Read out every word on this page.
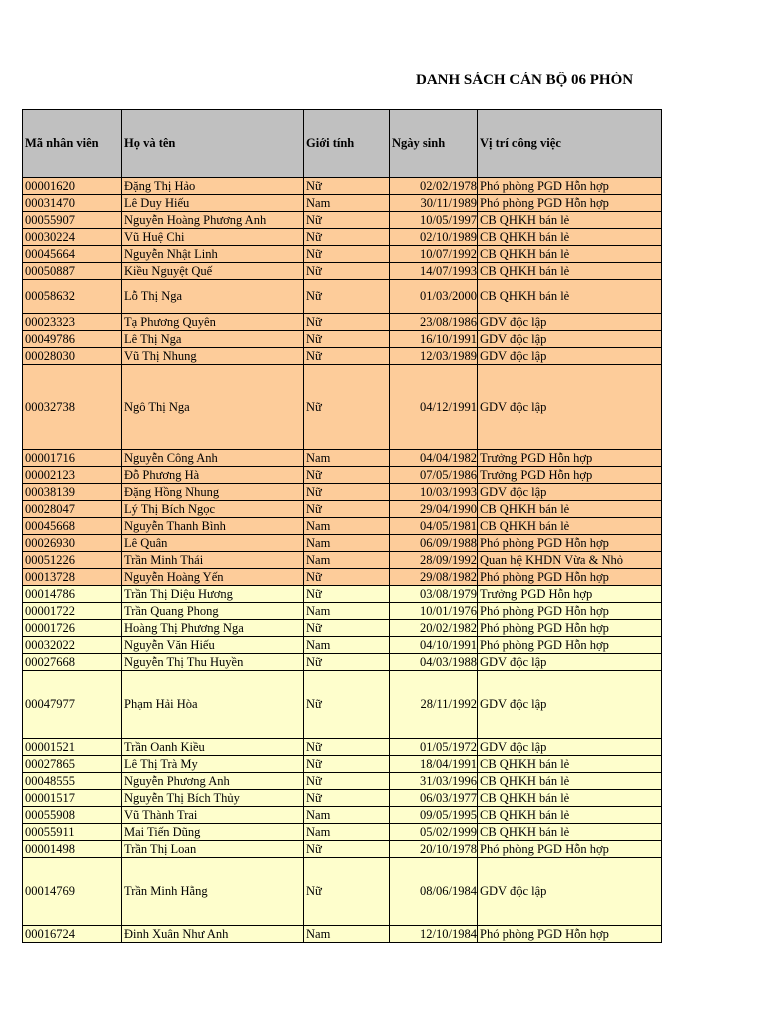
DANH SÁCH CÁN BỘ 06 PHÒN
Mã nhân viên	Họ và tên	Giới tính	Ngày sinh	Vị trí công việc
00001620	Đặng Thị Hảo	Nữ	02/02/1978	Phó phòng PGD Hỗn hợp
00031470	Lê Duy Hiếu	Nam	30/11/1989	Phó phòng PGD Hỗn hợp
00055907	Nguyễn Hoàng Phương Anh	Nữ	10/05/1997	CB QHKH bán lẻ
00030224	Vũ Huệ Chi	Nữ	02/10/1989	CB QHKH bán lẻ
00045664	Nguyễn Nhật Linh	Nữ	10/07/1992	CB QHKH bán lẻ
00050887	Kiều Nguyệt Quế	Nữ	14/07/1993	CB QHKH bán lẻ
00058632	Lỗ Thị Nga	Nữ	01/03/2000	CB QHKH bán lẻ
00023323	Tạ Phương Quyên	Nữ	23/08/1986	GDV độc lập
00049786	Lê Thị Nga	Nữ	16/10/1991	GDV độc lập
00028030	Vũ Thị Nhung	Nữ	12/03/1989	GDV độc lập
00032738	Ngô Thị Nga	Nữ	04/12/1991	GDV độc lập
00001716	Nguyễn Công Anh	Nam	04/04/1982	Trưởng PGD Hỗn hợp
00002123	Đỗ Phương Hà	Nữ	07/05/1986	Trưởng PGD Hỗn hợp
00038139	Đặng Hồng Nhung	Nữ	10/03/1993	GDV độc lập
00028047	Lý Thị Bích Ngọc	Nữ	29/04/1990	CB QHKH bán lẻ
00045668	Nguyễn Thanh Bình	Nam	04/05/1981	CB QHKH bán lẻ
00026930	Lê Quân	Nam	06/09/1988	Phó phòng PGD Hỗn hợp
00051226	Trần Minh Thái	Nam	28/09/1992	Quan hệ KHDN Vừa & Nhỏ
00013728	Nguyễn Hoàng Yến	Nữ	29/08/1982	Phó phòng PGD Hỗn hợp
00014786	Trần Thị Diệu Hương	Nữ	03/08/1979	Trưởng PGD Hỗn hợp
00001722	Trần Quang Phong	Nam	10/01/1976	Phó phòng PGD Hỗn hợp
00001726	Hoàng Thị Phương Nga	Nữ	20/02/1982	Phó phòng PGD Hỗn hợp
00032022	Nguyễn Văn Hiếu	Nam	04/10/1991	Phó phòng PGD Hỗn hợp
00027668	Nguyễn Thị Thu Huyền	Nữ	04/03/1988	GDV độc lập
00047977	Phạm Hải Hòa	Nữ	28/11/1992	GDV độc lập
00001521	Trần Oanh Kiều	Nữ	01/05/1972	GDV độc lập
00027865	Lê Thị Trà My	Nữ	18/04/1991	CB QHKH bán lẻ
00048555	Nguyễn Phương Anh	Nữ	31/03/1996	CB QHKH bán lẻ
00001517	Nguyễn Thị Bích Thủy	Nữ	06/03/1977	CB QHKH bán lẻ
00055908	Vũ Thành Trai	Nam	09/05/1995	CB QHKH bán lẻ
00055911	Mai Tiến Dũng	Nam	05/02/1999	CB QHKH bán lẻ
00001498	Trần Thị Loan	Nữ	20/10/1978	Phó phòng PGD Hỗn hợp
00014769	Trần Minh Hằng	Nữ	08/06/1984	GDV độc lập
00016724	Đinh Xuân Như Anh	Nam	12/10/1984	Phó phòng PGD Hỗn hợp
